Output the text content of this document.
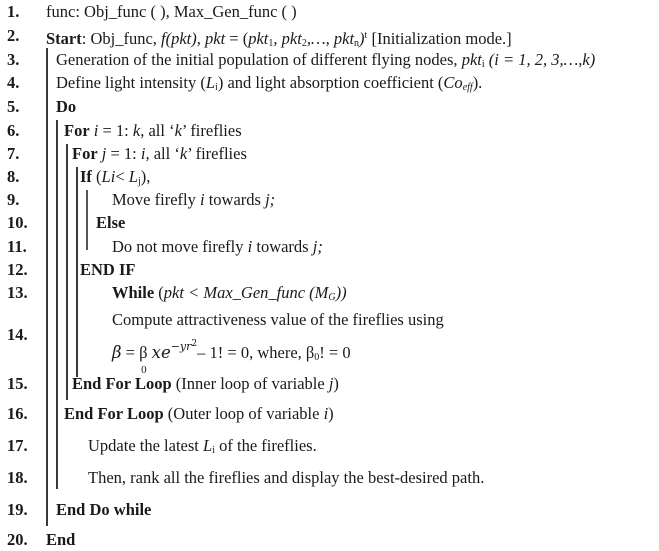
1.
2.
3.
4.
5.
6.
7.
8.
9.
10.
11.
12.
13.
14.
15.
16.
17.
18.
19.
20.
func: Obj_func ( ), Max_Gen_func ( )
Start: Obj_func, f(pkt), pkt = (pkt$_1$, pkt$_2$,…, pkt$_n$)$^t$ [Initialization mode.]
Generation of the initial population of different flying nodes, pkt$_i$ (i = 1, 2, 3,…,k)
Define light intensity $(L_i)$ and light absorption coefficient $(Co_{eff})$.
Do
For i = 1: k, all ‘k’ fireflies
For j = 1: i, all ‘k’ fireflies
If $(Li< L_j)$,
Move firefly i towards j;
Else
Do not move firefly i towards j;
END IF
While (pkt < Max_Gen_func $(M_G)$)
Compute attractiveness value of the fireflies using
β = β
0
$xe^{-yr^2}-$ 1! = 0, where, $\beta_0$! = 0
End For Loop (Inner loop of variable j)
End For Loop (Outer loop of variable i)
Update the latest $L_i$ of the fireflies.
Then, rank all the fireflies and display the best-desired path.
End Do while
End
